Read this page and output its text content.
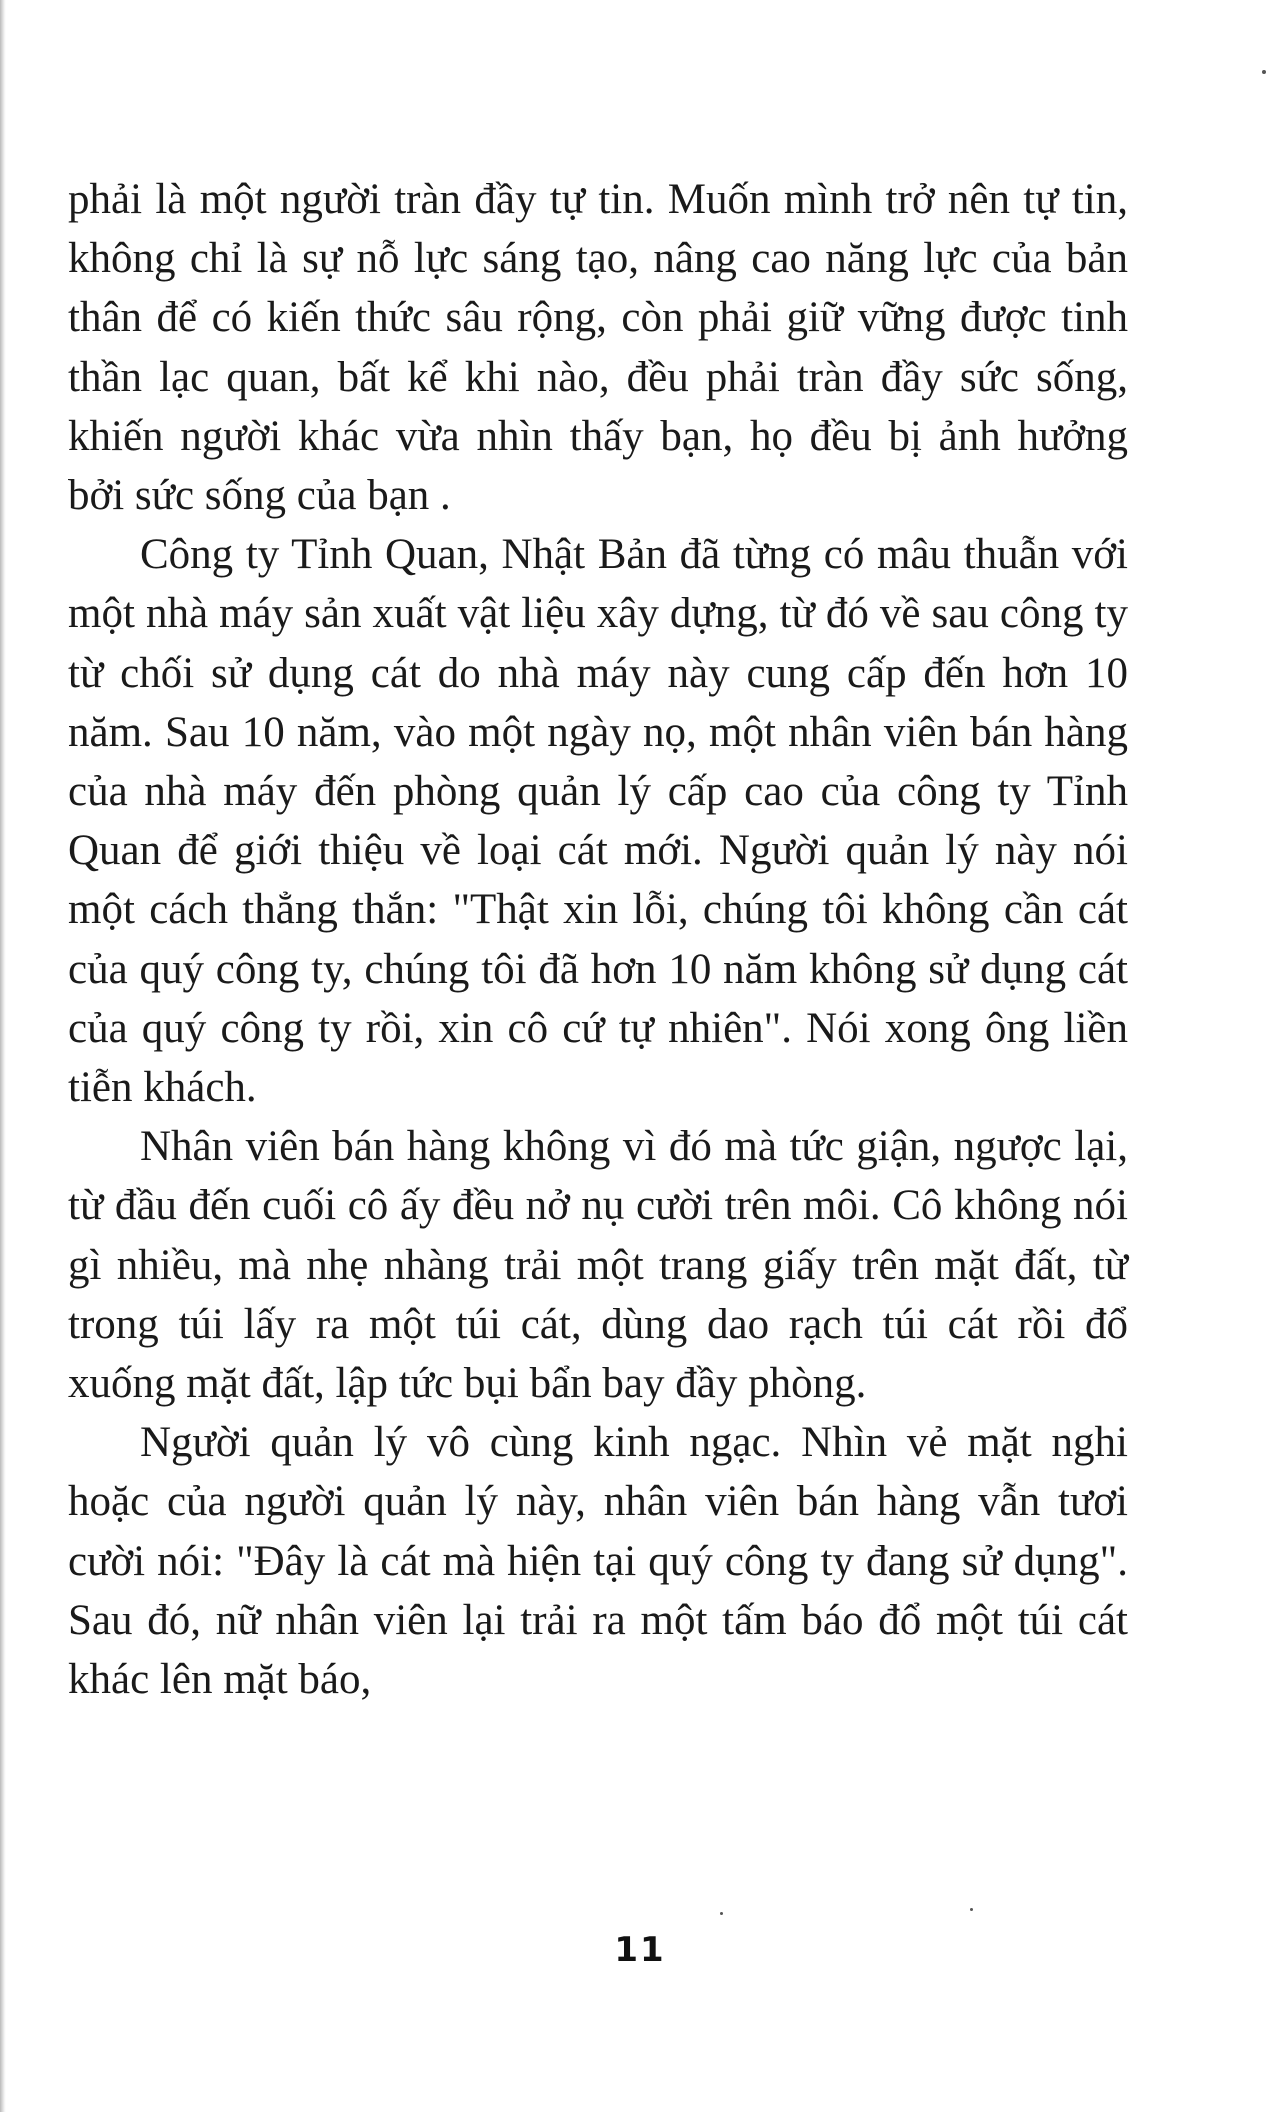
phải là một người tràn đầy tự tin. Muốn mình trở nên tự tin, không chỉ là sự nỗ lực sáng tạo, nâng cao năng lực của bản thân để có kiến thức sâu rộng, còn phải giữ vững được tinh thần lạc quan, bất kể khi nào, đều phải tràn đầy sức sống, khiến người khác vừa nhìn thấy bạn, họ đều bị ảnh hưởng bởi sức sống của bạn .

Công ty Tỉnh Quan, Nhật Bản đã từng có mâu thuẫn với một nhà máy sản xuất vật liệu xây dựng, từ đó về sau công ty từ chối sử dụng cát do nhà máy này cung cấp đến hơn 10 năm. Sau 10 năm, vào một ngày nọ, một nhân viên bán hàng của nhà máy đến phòng quản lý cấp cao của công ty Tỉnh Quan để giới thiệu về loại cát mới. Người quản lý này nói một cách thẳng thắn: "Thật xin lỗi, chúng tôi không cần cát của quý công ty, chúng tôi đã hơn 10 năm không sử dụng cát của quý công ty rồi, xin cô cứ tự nhiên". Nói xong ông liền tiễn khách.

Nhân viên bán hàng không vì đó mà tức giận, ngược lại, từ đầu đến cuối cô ấy đều nở nụ cười trên môi. Cô không nói gì nhiều, mà nhẹ nhàng trải một trang giấy trên mặt đất, từ trong túi lấy ra một túi cát, dùng dao rạch túi cát rồi đổ xuống mặt đất, lập tức bụi bẩn bay đầy phòng.

Người quản lý vô cùng kinh ngạc. Nhìn vẻ mặt nghi hoặc của người quản lý này, nhân viên bán hàng vẫn tươi cười nói: "Đây là cát mà hiện tại quý công ty đang sử dụng". Sau đó, nữ nhân viên lại trải ra một tấm báo đổ một túi cát khác lên mặt báo,

11
